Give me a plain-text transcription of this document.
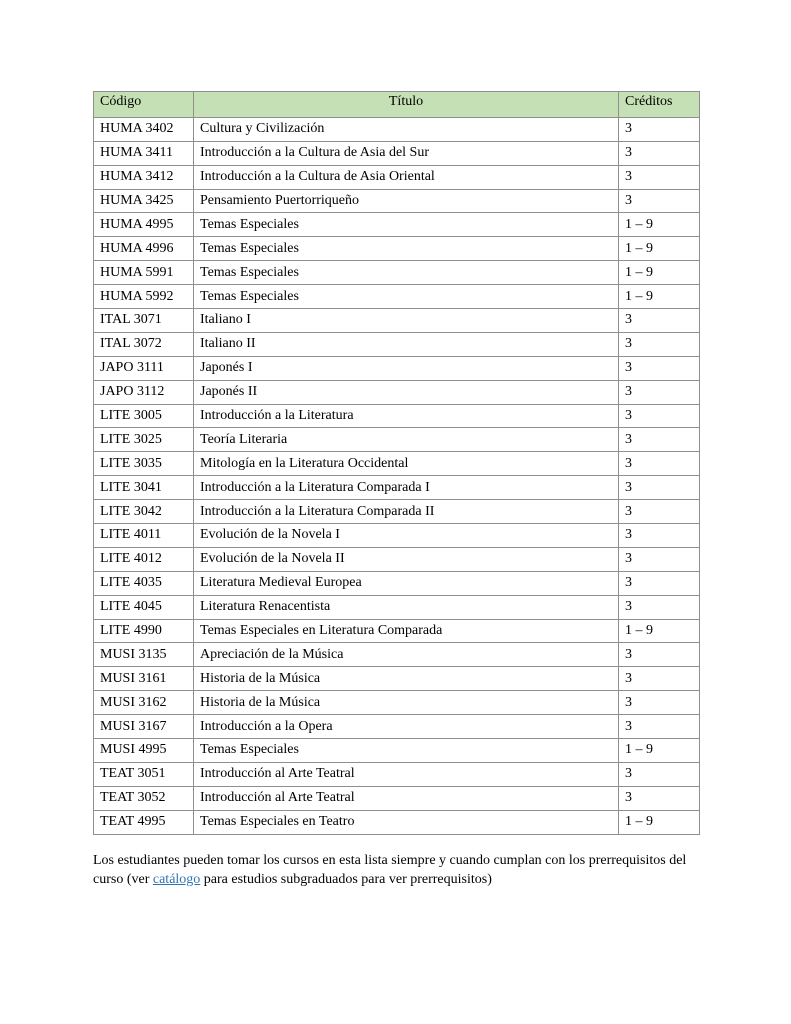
Código	Título	Créditos
HUMA 3402	Cultura y Civilización	3
HUMA 3411	Introducción a la Cultura de Asia del Sur	3
HUMA 3412	Introducción a la Cultura de Asia Oriental	3
HUMA 3425	Pensamiento Puertorriqueño	3
HUMA 4995	Temas Especiales	1 – 9
HUMA 4996	Temas Especiales	1 – 9
HUMA 5991	Temas Especiales	1 – 9
HUMA 5992	Temas Especiales	1 – 9
ITAL 3071	Italiano I	3
ITAL 3072	Italiano II	3
JAPO 3111	Japonés I	3
JAPO 3112	Japonés II	3
LITE 3005	Introducción a la Literatura	3
LITE 3025	Teoría Literaria	3
LITE 3035	Mitología en la Literatura Occidental	3
LITE 3041	Introducción a la Literatura Comparada I	3
LITE 3042	Introducción a la Literatura Comparada II	3
LITE 4011	Evolución de la Novela I	3
LITE 4012	Evolución de la Novela II	3
LITE 4035	Literatura Medieval Europea	3
LITE 4045	Literatura Renacentista	3
LITE 4990	Temas Especiales en Literatura Comparada	1 – 9
MUSI 3135	Apreciación de la Música	3
MUSI 3161	Historia de la Música	3
MUSI 3162	Historia de la Música	3
MUSI 3167	Introducción a la Opera	3
MUSI 4995	Temas Especiales	1 – 9
TEAT 3051	Introducción al Arte Teatral	3
TEAT 3052	Introducción al Arte Teatral	3
TEAT 4995	Temas Especiales en Teatro	1 – 9

Los estudiantes pueden tomar los cursos en esta lista siempre y cuando cumplan con los prerrequisitos del curso (ver catálogo para estudios subgraduados para ver prerrequisitos)
